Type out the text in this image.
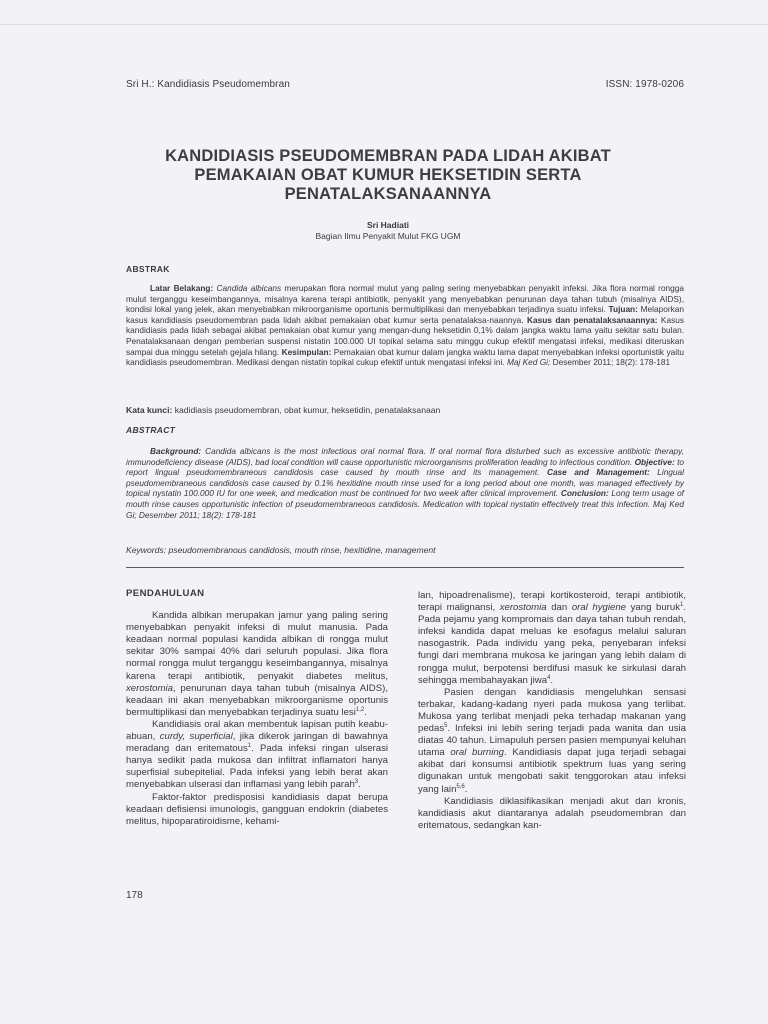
Sri H.: Kandidiasis Pseudomembran	ISSN: 1978-0206
KANDIDIASIS PSEUDOMEMBRAN PADA LIDAH AKIBAT
PEMAKAIAN OBAT KUMUR HEKSETIDIN SERTA
PENATALAKSANAANNYA
Sri Hadiati
Bagian Ilmu Penyakit Mulut FKG UGM
ABSTRAK
Latar Belakang: Candida albicans merupakan flora normal mulut yang paling sering menyebabkan penyakit infeksi. Jika flora normal rongga mulut terganggu keseimbangannya, misalnya karena terapi antibiotik, penyakit yang menyebabkan penurunan daya tahan tubuh (misalnya AIDS), kondisi lokal yang jelek, akan menyebabkan mikroorganisme oportunis bermultiplikasi dan menyebabkan terjadinya suatu infeksi. Tujuan: Melaporkan kasus kandidiasis pseudomembran pada lidah akibat pemakaian obat kumur serta penatalaksa-naannya. Kasus dan penatalaksanaannya: Kasus kandidiasis pada lidah sebagai akibat pemakaian obat kumur yang mengan-dung heksetidin 0,1% dalam jangka waktu lama yaitu sekitar satu bulan. Penatalaksanaan dengan pemberian suspensi nistatin 100.000 UI topikal selama satu minggu cukup efektif mengatasi infeksi, medikasi diteruskan sampai dua minggu setelah gejala hilang. Kesimpulan: Pemakaian obat kumur dalam jangka waktu lama dapat menyebabkan infeksi oportunistik yaitu kandidiasis pseudomembran. Medikasi dengan nistatin topikal cukup efektif untuk mengatasi infeksi ini. Maj Ked Gi; Desember 2011; 18(2): 178-181
Kata kunci: kadidiasis pseudomembran, obat kumur, heksetidin, penatalaksanaan
ABSTRACT
Background: Candida albicans is the most infectious oral normal flora. If oral normal flora disturbed such as excessive antibiotic therapy, immunodeficiency disease (AIDS), bad local condition will cause opportunistic microorganisms proliferation leading to infectious condition. Objective: to report lingual pseudomembraneous candidosis case caused by mouth rinse and its management. Case and Management: Lingual pseudomembraneous candidosis case caused by 0.1% hexitidine mouth rinse used for a long period about one month, was managed effectively by topical nystatin 100.000 IU for one week, and medication must be continued for two week after clinical improvement. Conclusion: Long term usage of mouth rinse causes opportunistic infection of pseudomembraneous candidosis. Medication with topical nystatin effectively treat this infection. Maj Ked Gi; Desember 2011; 18(2): 178-181
Keywords: pseudomembranous candidosis, mouth rinse, hexitidine, management
PENDAHULUAN

Kandida albikan merupakan jamur yang paling sering menyebabkan penyakit infeksi di mulut manusia. Pada keadaan normal populasi kandida albikan di rongga mulut sekitar 30% sampai 40% dari seluruh populasi. Jika flora normal rongga mulut terganggu keseimbangannya, misalnya karena terapi antibiotik, penyakit diabetes melitus, xerostomia, penurunan daya tahan tubuh (misalnya AIDS), keadaan ini akan menyebabkan mikroorganisme oportunis bermultiplikasi dan menyebabkan terjadinya suatu lesi$^{1,2}$.

Kandidiasis oral akan membentuk lapisan putih keabu-abuan, curdy, superficial, jika dikerok jaringan di bawahnya meradang dan eritematous$^1$. Pada infeksi ringan ulserasi hanya sedikit pada mukosa dan infiltrat inflamatori hanya superfisial subepitelial. Pada infeksi yang lebih berat akan menyebabkan ulserasi dan inflamasi yang lebih parah$^3$.

Faktor-faktor predisposisi kandidiasis dapat berupa keadaan defisiensi imunologis, gangguan endokrin (diabetes melitus, hipoparatiroidisme, kehami-

lan, hipoadrenalisme), terapi kortikosteroid, terapi antibiotik, terapi malignansi, xerostomia dan oral hygiene yang buruk$^1$. Pada pejamu yang kompromais dan daya tahan tubuh rendah, infeksi kandida dapat meluas ke esofagus melalui saluran nasogastrik. Pada individu yang peka, penyebaran infeksi fungi dari membrana mukosa ke jaringan yang lebih dalam di rongga mulut, berpotensi berdifusi masuk ke sirkulasi darah sehingga membahayakan jiwa$^4$.

Pasien dengan kandidiasis mengeluhkan sensasi terbakar, kadang-kadang nyeri pada mukosa yang terlibat. Mukosa yang terlibat menjadi peka terhadap makanan yang pedas$^5$. Infeksi ini lebih sering terjadi pada wanita dan usia diatas 40 tahun. Limapuluh persen pasien mempunyai keluhan utama oral burning. Kandidiasis dapat juga terjadi sebagai akibat dari konsumsi antibiotik spektrum luas yang sering digunakan untuk mengobati sakit tenggorokan atau infeksi yang lain$^{5,6}$.

Kandidiasis diklasifikasikan menjadi akut dan kronis, kandidiasis akut diantaranya adalah pseudomembran dan eritematous, sedangkan kan-

178
